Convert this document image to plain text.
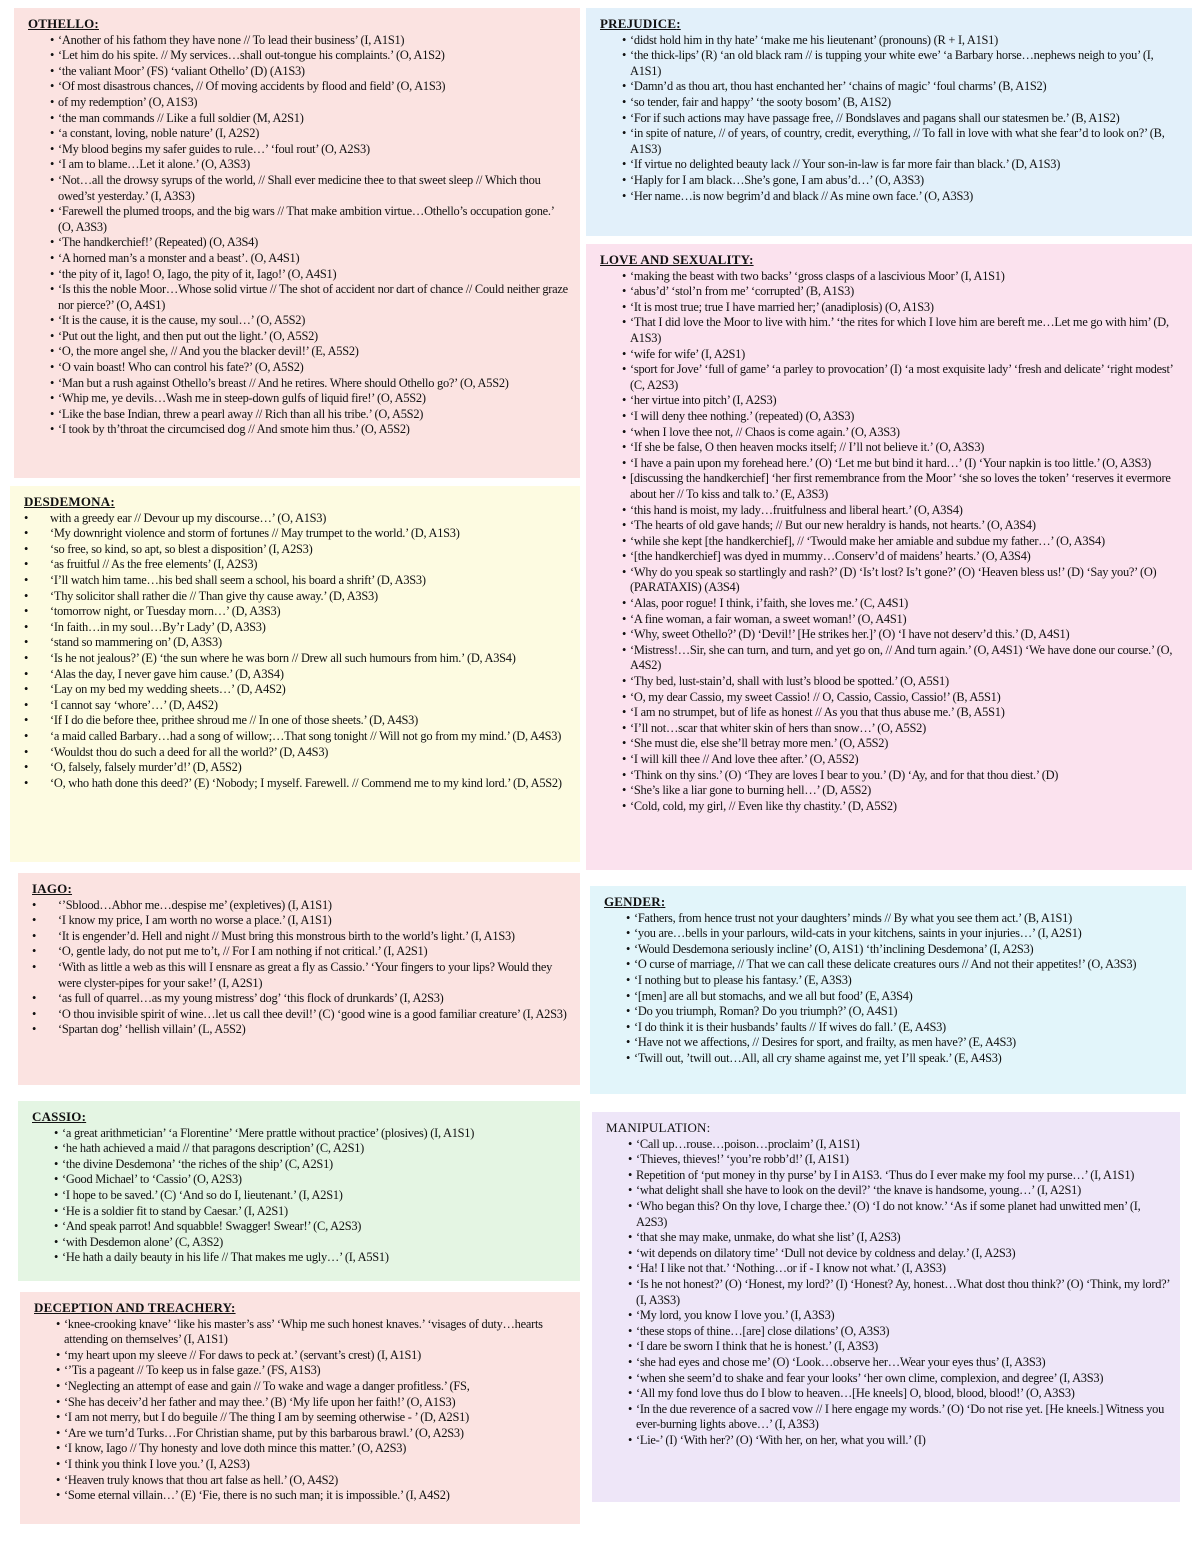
OTHELLO:
• ‘Another of his fathom they have none // To lead their business’ (I, A1S1)
• ‘Let him do his spite. // My services…shall out-tongue his complaints.’ (O, A1S2)
• ‘the valiant Moor’ (FS) ‘valiant Othello’ (D) (A1S3)
• ‘Of most disastrous chances, // Of moving accidents by flood and field’ (O, A1S3)
• of my redemption’ (O, A1S3)
• ‘the man commands // Like a full soldier (M, A2S1)
• ‘a constant, loving, noble nature’ (I, A2S2)
• ‘My blood begins my safer guides to rule…’ ‘foul rout’ (O, A2S3)
• ‘I am to blame…Let it alone.’ (O, A3S3)
• ‘Not…all the drowsy syrups of the world, // Shall ever medicine thee to that sweet sleep // Which thou owed’st yesterday.’ (I, A3S3)
• ‘Farewell the plumed troops, and the big wars // That make ambition virtue…Othello’s occupation gone.’ (O, A3S3)
• ‘The handkerchief!’ (Repeated) (O, A3S4)
• ‘A horned man’s a monster and a beast’. (O, A4S1)
• ‘the pity of it, Iago! O, Iago, the pity of it, Iago!’ (O, A4S1)
• ‘Is this the noble Moor…Whose solid virtue // The shot of accident nor dart of chance // Could neither graze nor pierce?’ (O, A4S1)
• ‘It is the cause, it is the cause, my soul…’ (O, A5S2)
• ‘Put out the light, and then put out the light.’ (O, A5S2)
• ‘O, the more angel she, // And you the blacker devil!’ (E, A5S2)
• ‘O vain boast! Who can control his fate?’ (O, A5S2)
• ‘Man but a rush against Othello’s breast // And he retires. Where should Othello go?’ (O, A5S2)
• ‘Whip me, ye devils…Wash me in steep-down gulfs of liquid fire!’ (O, A5S2)
• ‘Like the base Indian, threw a pearl away // Rich than all his tribe.’ (O, A5S2)
• ‘I took by th’throat the circumcised dog // And smote him thus.’ (O, A5S2)
DESDEMONA:
• with a greedy ear // Devour up my discourse…’ (O, A1S3)
• ‘My downright violence and storm of fortunes // May trumpet to the world.’ (D, A1S3)
• ‘so free, so kind, so apt, so blest a disposition’ (I, A2S3)
• ‘as fruitful // As the free elements’ (I, A2S3)
• ‘I’ll watch him tame…his bed shall seem a school, his board a shrift’ (D, A3S3)
• ‘Thy solicitor shall rather die // Than give thy cause away.’ (D, A3S3)
• ‘tomorrow night, or Tuesday morn…’ (D, A3S3)
• ‘In faith…in my soul…By’r Lady’ (D, A3S3)
• ‘stand so mammering on’ (D, A3S3)
• ‘Is he not jealous?’ (E) ‘the sun where he was born // Drew all such humours from him.’ (D, A3S4)
• ‘Alas the day, I never gave him cause.’ (D, A3S4)
• ‘Lay on my bed my wedding sheets…’ (D, A4S2)
• ‘I cannot say ‘whore’…’ (D, A4S2)
• ‘If I do die before thee, prithee shroud me // In one of those sheets.’ (D, A4S3)
• ‘a maid called Barbary…had a song of willow;…That song tonight // Will not go from my mind.’ (D, A4S3)
• ‘Wouldst thou do such a deed for all the world?’ (D, A4S3)
• ‘O, falsely, falsely murder’d!’ (D, A5S2)
• ‘O, who hath done this deed?’ (E) ‘Nobody; I myself. Farewell. // Commend me to my kind lord.’ (D, A5S2)
IAGO:
• ‘’Sblood…Abhor me…despise me’ (expletives) (I, A1S1)
• ‘I know my price, I am worth no worse a place.’ (I, A1S1)
• ‘It is engender’d. Hell and night // Must bring this monstrous birth to the world’s light.’ (I, A1S3)
• ‘O, gentle lady, do not put me to’t, // For I am nothing if not critical.’ (I, A2S1)
• ‘With as little a web as this will I ensnare as great a fly as Cassio.’ ‘Your fingers to your lips? Would they were clyster-pipes for your sake!’ (I, A2S1)
• ‘as full of quarrel…as my young mistress’ dog’ ‘this flock of drunkards’ (I, A2S3)
• ‘O thou invisible spirit of wine…let us call thee devil!’ (C) ‘good wine is a good familiar creature’ (I, A2S3)
• ‘Spartan dog’ ‘hellish villain’ (L, A5S2)
CASSIO:
• ‘a great arithmetician’ ‘a Florentine’ ‘Mere prattle without practice’ (plosives) (I, A1S1)
• ‘he hath achieved a maid // that paragons description’ (C, A2S1)
• ‘the divine Desdemona’ ‘the riches of the ship’ (C, A2S1)
• ‘Good Michael’ to ‘Cassio’ (O, A2S3)
• ‘I hope to be saved.’ (C) ‘And so do I, lieutenant.’ (I, A2S1)
• ‘He is a soldier fit to stand by Caesar.’ (I, A2S1)
• ‘And speak parrot! And squabble! Swagger! Swear!’ (C, A2S3)
• ‘with Desdemon alone’ (C, A3S2)
• ‘He hath a daily beauty in his life // That makes me ugly…’ (I, A5S1)
DECEPTION AND TREACHERY:
• ‘knee-crooking knave’ ‘like his master’s ass’ ‘Whip me such honest knaves.’ ‘visages of duty…hearts attending on themselves’ (I, A1S1)
• ‘my heart upon my sleeve // For daws to peck at.’ (servant’s crest) (I, A1S1)
• ‘’Tis a pageant // To keep us in false gaze.’ (FS, A1S3)
• ‘Neglecting an attempt of ease and gain // To wake and wage a danger profitless.’ (FS,
• ‘She has deceiv’d her father and may thee.’ (B) ‘My life upon her faith!’ (O, A1S3)
• ‘I am not merry, but I do beguile // The thing I am by seeming otherwise - ’ (D, A2S1)
• ‘Are we turn’d Turks…For Christian shame, put by this barbarous brawl.’ (O, A2S3)
• ‘I know, Iago // Thy honesty and love doth mince this matter.’ (O, A2S3)
• ‘I think you think I love you.’ (I, A2S3)
• ‘Heaven truly knows that thou art false as hell.’ (O, A4S2)
• ‘Some eternal villain…’ (E) ‘Fie, there is no such man; it is impossible.’ (I, A4S2)
PREJUDICE:
• ‘didst hold him in thy hate’ ‘make me his lieutenant’ (pronouns) (R + I, A1S1)
• ‘the thick-lips’ (R) ‘an old black ram // is tupping your white ewe’ ‘a Barbary horse…nephews neigh to you’ (I, A1S1)
• ‘Damn’d as thou art, thou hast enchanted her’ ‘chains of magic’ ‘foul charms’ (B, A1S2)
• ‘so tender, fair and happy’ ‘the sooty bosom’ (B, A1S2)
• ‘For if such actions may have passage free, // Bondslaves and pagans shall our statesmen be.’ (B, A1S2)
• ‘in spite of nature, // of years, of country, credit, everything, // To fall in love with what she fear’d to look on?’ (B, A1S3)
• ‘If virtue no delighted beauty lack // Your son-in-law is far more fair than black.’ (D, A1S3)
• ‘Haply for I am black…She’s gone, I am abus’d…’ (O, A3S3)
• ‘Her name…is now begrim’d and black // As mine own face.’ (O, A3S3)
LOVE AND SEXUALITY:
• ‘making the beast with two backs’ ‘gross clasps of a lascivious Moor’ (I, A1S1)
• ‘abus’d’ ‘stol’n from me’ ‘corrupted’ (B, A1S3)
• ‘It is most true; true I have married her;’ (anadiplosis) (O, A1S3)
• ‘That I did love the Moor to live with him.’ ‘the rites for which I love him are bereft me…Let me go with him’ (D, A1S3)
• ‘wife for wife’ (I, A2S1)
• ‘sport for Jove’ ‘full of game’ ‘a parley to provocation’ (I) ‘a most exquisite lady’ ‘fresh and delicate’ ‘right modest’ (C, A2S3)
• ‘her virtue into pitch’ (I, A2S3)
• ‘I will deny thee nothing.’ (repeated) (O, A3S3)
• ‘when I love thee not, // Chaos is come again.’ (O, A3S3)
• ‘If she be false, O then heaven mocks itself; // I’ll not believe it.’ (O, A3S3)
• ‘I have a pain upon my forehead here.’ (O) ‘Let me but bind it hard…’ (I) ‘Your napkin is too little.’ (O, A3S3)
• [discussing the handkerchief] ‘her first remembrance from the Moor’ ‘she so loves the token’ ‘reserves it evermore about her // To kiss and talk to.’ (E, A3S3)
• ‘this hand is moist, my lady…fruitfulness and liberal heart.’ (O, A3S4)
• ‘The hearts of old gave hands; // But our new heraldry is hands, not hearts.’ (O, A3S4)
• ‘while she kept [the handkerchief], // ‘Twould make her amiable and subdue my father…’ (O, A3S4)
• ‘[the handkerchief] was dyed in mummy…Conserv’d of maidens’ hearts.’ (O, A3S4)
• ‘Why do you speak so startlingly and rash?’ (D) ‘Is’t lost? Is’t gone?’ (O) ‘Heaven bless us!’ (D) ‘Say you?’ (O) (PARATAXIS) (A3S4)
• ‘Alas, poor rogue! I think, i’faith, she loves me.’ (C, A4S1)
• ‘A fine woman, a fair woman, a sweet woman!’ (O, A4S1)
• ‘Why, sweet Othello?’ (D) ‘Devil!’ [He strikes her.]’ (O) ‘I have not deserv’d this.’ (D, A4S1)
• ‘Mistress!…Sir, she can turn, and turn, and yet go on, // And turn again.’ (O, A4S1) ‘We have done our course.’ (O, A4S2)
• ‘Thy bed, lust-stain’d, shall with lust’s blood be spotted.’ (O, A5S1)
• ‘O, my dear Cassio, my sweet Cassio! // O, Cassio, Cassio, Cassio!’ (B, A5S1)
• ‘I am no strumpet, but of life as honest // As you that thus abuse me.’ (B, A5S1)
• ‘I’ll not…scar that whiter skin of hers than snow…’ (O, A5S2)
• ‘She must die, else she’ll betray more men.’ (O, A5S2)
• ‘I will kill thee // And love thee after.’ (O, A5S2)
• ‘Think on thy sins.’ (O) ‘They are loves I bear to you.’ (D) ‘Ay, and for that thou diest.’ (D)
• ‘She’s like a liar gone to burning hell…’ (D, A5S2)
• ‘Cold, cold, my girl, // Even like thy chastity.’ (D, A5S2)
GENDER:
• ‘Fathers, from hence trust not your daughters’ minds // By what you see them act.’ (B, A1S1)
• ‘you are…bells in your parlours, wild-cats in your kitchens, saints in your injuries…’ (I, A2S1)
• ‘Would Desdemona seriously incline’ (O, A1S1) ‘th’inclining Desdemona’ (I, A2S3)
• ‘O curse of marriage, // That we can call these delicate creatures ours // And not their appetites!’ (O, A3S3)
• ‘I nothing but to please his fantasy.’ (E, A3S3)
• ‘[men] are all but stomachs, and we all but food’ (E, A3S4)
• ‘Do you triumph, Roman? Do you triumph?’ (O, A4S1)
• ‘I do think it is their husbands’ faults // If wives do fall.’ (E, A4S3)
• ‘Have not we affections, // Desires for sport, and frailty, as men have?’ (E, A4S3)
• ‘Twill out, ’twill out…All, all cry shame against me, yet I’ll speak.’ (E, A4S3)
MANIPULATION:
• ‘Call up…rouse…poison…proclaim’ (I, A1S1)
• ‘Thieves, thieves!’ ‘you’re robb’d!’ (I, A1S1)
• Repetition of ‘put money in thy purse’ by I in A1S3. ‘Thus do I ever make my fool my purse…’ (I, A1S1)
• ‘what delight shall she have to look on the devil?’ ‘the knave is handsome, young…’ (I, A2S1)
• ‘Who began this? On thy love, I charge thee.’ (O) ‘I do not know.’ ‘As if some planet had unwitted men’ (I, A2S3)
• ‘that she may make, unmake, do what she list’ (I, A2S3)
• ‘wit depends on dilatory time’ ‘Dull not device by coldness and delay.’ (I, A2S3)
• ‘Ha! I like not that.’ ‘Nothing…or if - I know not what.’ (I, A3S3)
• ‘Is he not honest?’ (O) ‘Honest, my lord?’ (I) ‘Honest? Ay, honest…What dost thou think?’ (O) ‘Think, my lord?’ (I, A3S3)
• ‘My lord, you know I love you.’ (I, A3S3)
• ‘these stops of thine…[are] close dilations’ (O, A3S3)
• ‘I dare be sworn I think that he is honest.’ (I, A3S3)
• ‘she had eyes and chose me’ (O) ‘Look…observe her…Wear your eyes thus’ (I, A3S3)
• ‘when she seem’d to shake and fear your looks’ ‘her own clime, complexion, and degree’ (I, A3S3)
• ‘All my fond love thus do I blow to heaven…[He kneels] O, blood, blood, blood!’ (O, A3S3)
• ‘In the due reverence of a sacred vow // I here engage my words.’ (O) ‘Do not rise yet. [He kneels.] Witness you ever-burning lights above…’ (I, A3S3)
• ‘Lie-’ (I) ‘With her?’ (O) ‘With her, on her, what you will.’ (I)
